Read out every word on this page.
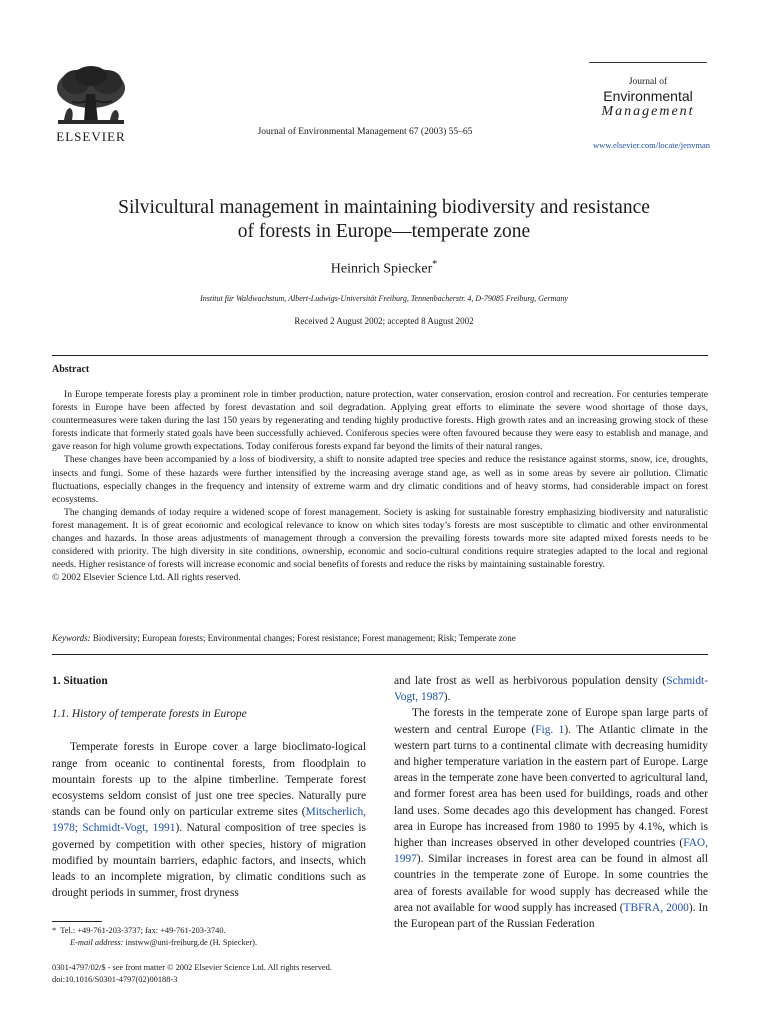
ELSEVIER	Journal of Environmental Management 67 (2003) 55–65
Journal of
Environmental
Management
www.elsevier.com/locate/jenvman
Silvicultural management in maintaining biodiversity and resistance
of forests in Europe—temperate zone
Heinrich Spiecker*
Institut für Waldwachstum, Albert-Ludwigs-Universität Freiburg, Tennenbacherstr. 4, D-79085 Freiburg, Germany
Received 2 August 2002; accepted 8 August 2002
Abstract

In Europe temperate forests play a prominent role in timber production, nature protection, water conservation, erosion control and recreation. For centuries temperate forests in Europe have been affected by forest devastation and soil degradation. Applying great efforts to eliminate the severe wood shortage of those days, countermeasures were taken during the last 150 years by regenerating and tending highly productive forests. High growth rates and an increasing growing stock of these forests indicate that formerly stated goals have been successfully achieved. Coniferous species were often favoured because they were easy to establish and manage, and gave reason for high volume growth expectations. Today coniferous forests expand far beyond the limits of their natural ranges.

These changes have been accompanied by a loss of biodiversity, a shift to nonsite adapted tree species and reduce the resistance against storms, snow, ice, droughts, insects and fungi. Some of these hazards were further intensified by the increasing average stand age, as well as in some areas by severe air pollution. Climatic fluctuations, especially changes in the frequency and intensity of extreme warm and dry climatic conditions and of heavy storms, had considerable impact on forest ecosystems.

The changing demands of today require a widened scope of forest management. Society is asking for sustainable forestry emphasizing biodiversity and naturalistic forest management. It is of great economic and ecological relevance to know on which sites today’s forests are most susceptible to climatic and other environmental changes and hazards. In those areas adjustments of management through a conversion the prevailing forests towards more site adapted mixed forests needs to be considered with priority. The high diversity in site conditions, ownership, economic and socio-cultural conditions require strategies adapted to the local and regional needs. Higher resistance of forests will increase economic and social benefits of forests and reduce the risks by maintaining sustainable forestry.

© 2002 Elsevier Science Ltd. All rights reserved.

Keywords: Biodiversity; European forests; Environmental changes; Forest resistance; Forest management; Risk; Temperate zone
1. Situation
1.1. History of temperate forests in Europe

Temperate forests in Europe cover a large bioclimato-logical range from oceanic to continental forests, from floodplain to mountain forests up to the alpine timberline. Temperate forest ecosystems seldom consist of just one tree species. Naturally pure stands can be found only on particular extreme sites (Mitscherlich, 1978; Schmidt-Vogt, 1991). Natural composition of tree species is governed by competition with other species, history of migration modified by mountain barriers, edaphic factors, and insects, which leads to an incomplete migration, by climatic conditions such as drought periods in summer, frost dryness

and late frost as well as herbivorous population density (Schmidt-Vogt, 1987).

The forests in the temperate zone of Europe span large parts of western and central Europe (Fig. 1). The Atlantic climate in the western part turns to a continental climate with decreasing humidity and higher temperature variation in the eastern part of Europe. Large areas in the temperate zone have been converted to agricultural land, and former forest area has been used for buildings, roads and other land uses. Some decades ago this development has changed. Forest area in Europe has increased from 1980 to 1995 by 4.1%, which is higher than increases observed in other developed countries (FAO, 1997). Similar increases in forest area can be found in almost all countries in the temperate zone of Europe. In some countries the area of forests available for wood supply has decreased while the area not available for wood supply has increased (TBFRA, 2000). In the European part of the Russian Federation

* Tel.: +49-761-203-3737; fax: +49-761-203-3740.
E-mail address: instww@uni-freiburg.de (H. Spiecker).
0301-4797/02/$ - see front matter © 2002 Elsevier Science Ltd. All rights reserved.
doi:10.1016/S0301-4797(02)00188-3
